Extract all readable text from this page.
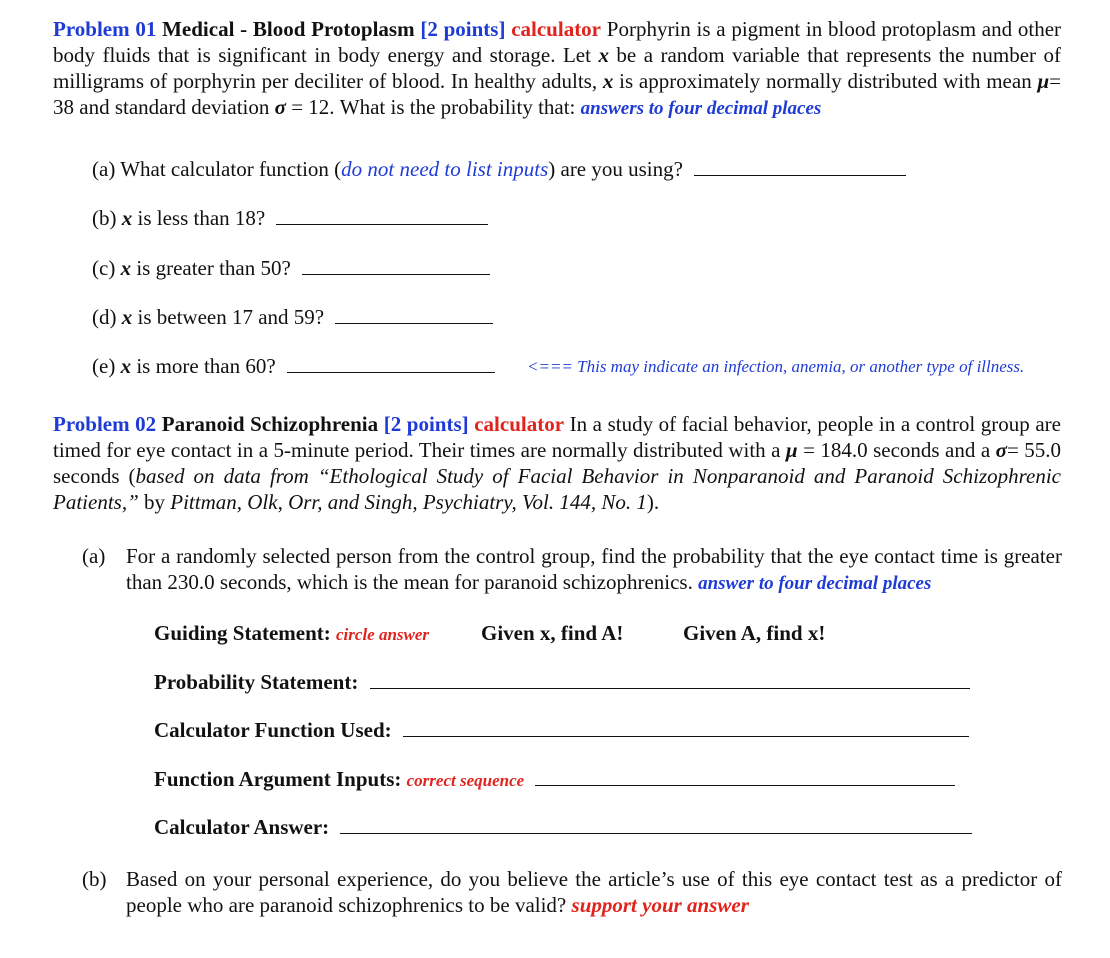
Problem 01 Medical - Blood Protoplasm [2 points] calculator Porphyrin is a pigment in blood protoplasm and other body fluids that is significant in body energy and storage. Let x be a random variable that represents the number of milligrams of porphyrin per deciliter of blood. In healthy adults, x is approximately normally distributed with mean μ= 38 and standard deviation σ = 12. What is the probability that: answers to four decimal places
(a) What calculator function (do not need to list inputs) are you using?
(b) x is less than 18?
(c) x is greater than 50?
(d) x is between 17 and 59?
(e) x is more than 60?	<=== This may indicate an infection, anemia, or another type of illness.
Problem 02 Paranoid Schizophrenia [2 points] calculator In a study of facial behavior, people in a control group are timed for eye contact in a 5-minute period. Their times are normally distributed with a μ = 184.0 seconds and a σ= 55.0 seconds (based on data from “Ethological Study of Facial Behavior in Nonparanoid and Paranoid Schizophrenic Patients,” by Pittman, Olk, Orr, and Singh, Psychiatry, Vol. 144, No. 1).
(a) For a randomly selected person from the control group, find the probability that the eye contact time is greater than 230.0 seconds, which is the mean for paranoid schizophrenics. answer to four decimal places
Guiding Statement: circle answer Given x, find A!	Given A, find x!
Probability Statement:
Calculator Function Used:
Function Argument Inputs: correct sequence
Calculator Answer:
(b) Based on your personal experience, do you believe the article’s use of this eye contact test as a predictor of people who are paranoid schizophrenics to be valid? support your answer
